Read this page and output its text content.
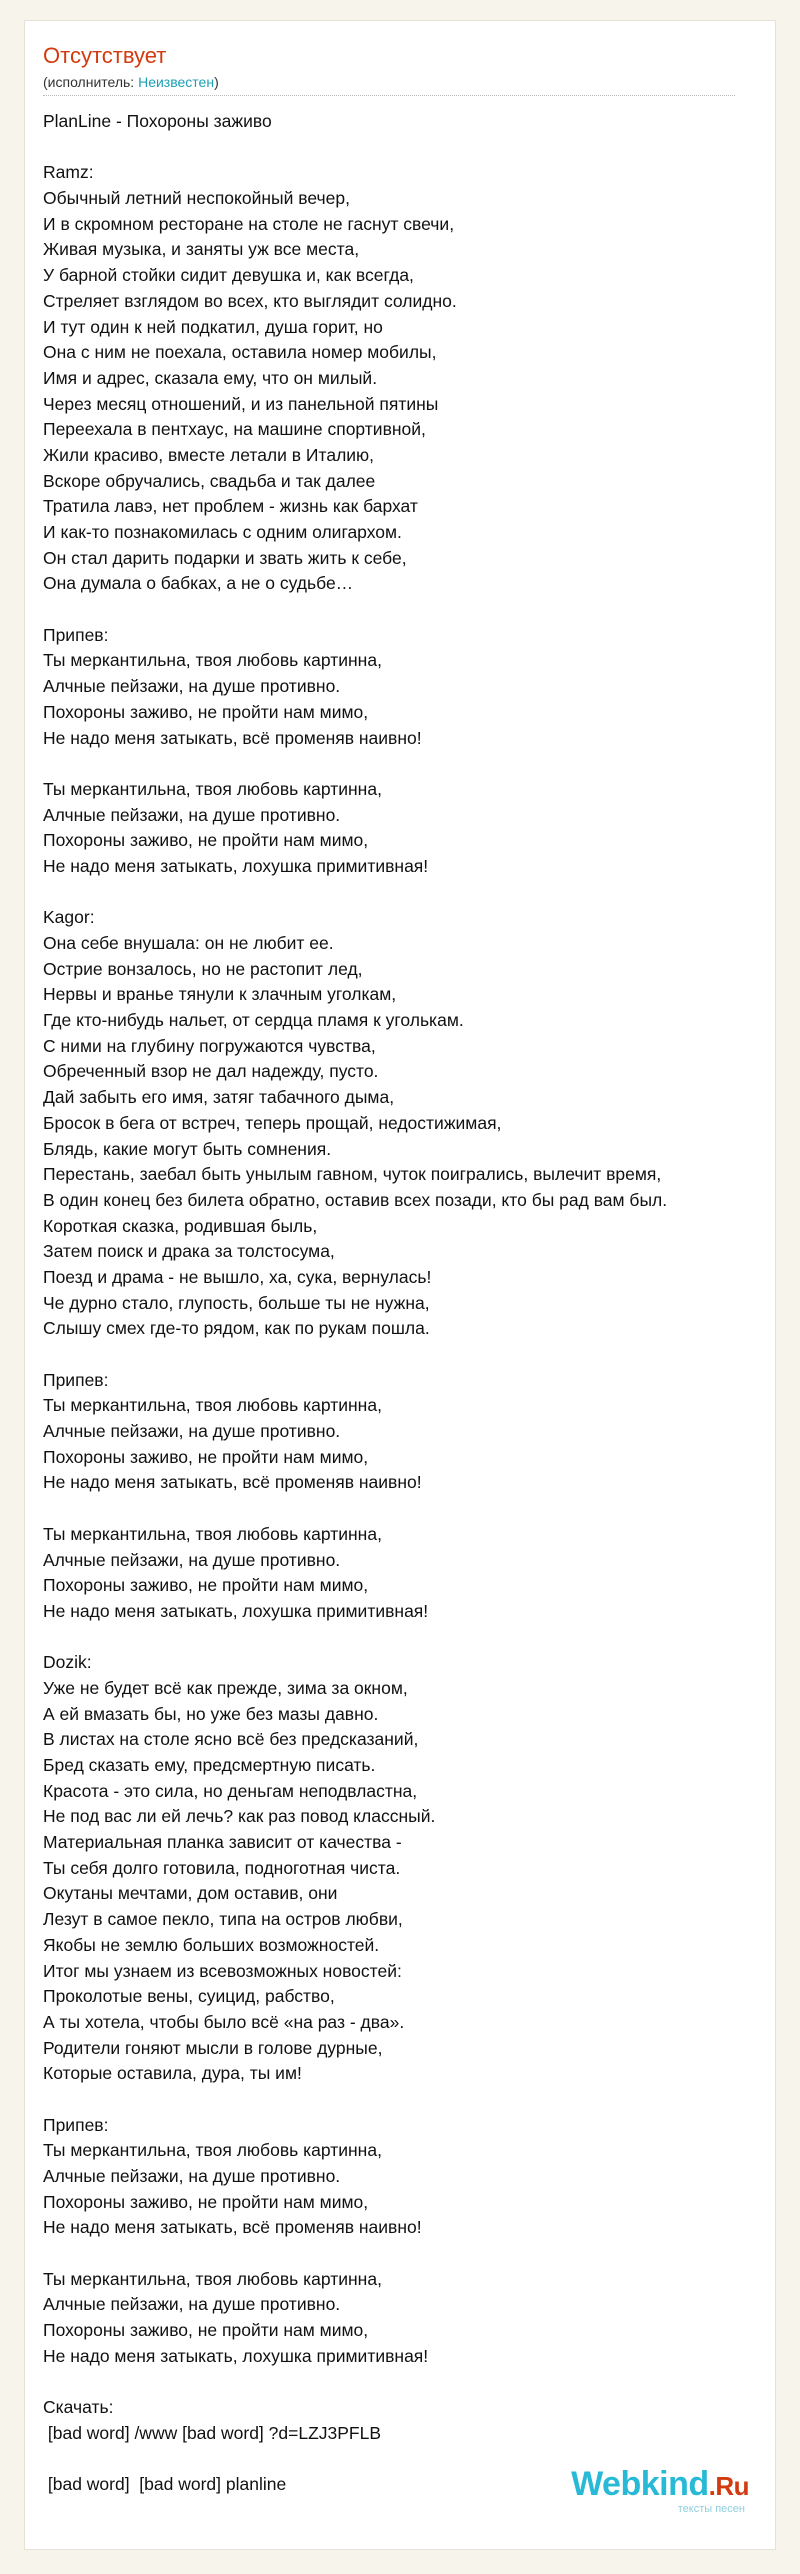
Отсутствует
(исполнитель: Неизвестен)
PlanLine - Похороны заживо
Ramz:
Обычный летний неспокойный вечер,
И в скромном ресторане на столе не гаснут свечи,
Живая музыка, и заняты уж все места,
У барной стойки сидит девушка и, как всегда,
Стреляет взглядом во всех, кто выглядит солидно.
И тут один к ней подкатил, душа горит, но
Она с ним не поехала, оставила номер мобилы,
Имя и адрес, сказала ему, что он милый.
Через месяц отношений, и из панельной пятины
Переехала в пентхаус, на машине спортивной,
Жили красиво, вместе летали в Италию,
Вскоре обручались, свадьба и так далее
Тратила лавэ, нет проблем - жизнь как бархат
И как-то познакомилась с одним олигархом.
Он стал дарить подарки и звать жить к себе,
Она думала о бабках, а не о судьбе…
Припев:
Ты меркантильна, твоя любовь картинна,
Алчные пейзажи, на душе противно.
Похороны заживо, не пройти нам мимо,
Не надо меня затыкать, всё променяв наивно!
Ты меркантильна, твоя любовь картинна,
Алчные пейзажи, на душе противно.
Похороны заживо, не пройти нам мимо,
Не надо меня затыкать, лохушка примитивная!
Kagor:
Она себе внушала: он не любит ее.
Острие вонзалось, но не растопит лед,
Нервы и вранье тянули к злачным уголкам,
Где кто-нибудь нальет, от сердца пламя к уголькам.
С ними на глубину погружаются чувства,
Обреченный взор не дал надежду, пусто.
Дай забыть его имя, затяг табачного дыма,
Бросок в бега от встреч, теперь прощай, недостижимая,
Блядь, какие могут быть сомнения.
Перестань, заебал быть унылым гавном, чуток поигрались, вылечит время,
В один конец без билета обратно, оставив всех позади, кто бы рад вам был.
Короткая сказка, родившая быль,
Затем поиск и драка за толстосума,
Поезд и драма - не вышло, ха, сука, вернулась!
Че дурно стало, глупость, больше ты не нужна,
Слышу смех где-то рядом, как по рукам пошла.
Припев:
Ты меркантильна, твоя любовь картинна,
Алчные пейзажи, на душе противно.
Похороны заживо, не пройти нам мимо,
Не надо меня затыкать, всё променяв наивно!
Ты меркантильна, твоя любовь картинна,
Алчные пейзажи, на душе противно.
Похороны заживо, не пройти нам мимо,
Не надо меня затыкать, лохушка примитивная!
Dozik:
Уже не будет всё как прежде, зима за окном,
А ей вмазать бы, но уже без мазы давно.
В листах на столе ясно всё без предсказаний,
Бред сказать ему, предсмертную писать.
Красота - это сила, но деньгам неподвластна,
Не под вас ли ей лечь? как раз повод классный.
Материальная планка зависит от качества -
Ты себя долго готовила, подноготная чиста.
Окутаны мечтами, дом оставив, они
Лезут в самое пекло, типа на остров любви,
Якобы не землю больших возможностей.
Итог мы узнаем из всевозможных новостей:
Проколотые вены, суицид, рабство,
А ты хотела, чтобы было всё «на раз - два».
Родители гоняют мысли в голове дурные,
Которые оставила, дура, ты им!
Припев:
Ты меркантильна, твоя любовь картинна,
Алчные пейзажи, на душе противно.
Похороны заживо, не пройти нам мимо,
Не надо меня затыкать, всё променяв наивно!
Ты меркантильна, твоя любовь картинна,
Алчные пейзажи, на душе противно.
Похороны заживо, не пройти нам мимо,
Не надо меня затыкать, лохушка примитивная!
Скачать:
[bad word] /www [bad word] ?d=LZJ3PFLB
[bad word]  [bad word] planline	Webkind.Ru
тексты песен
